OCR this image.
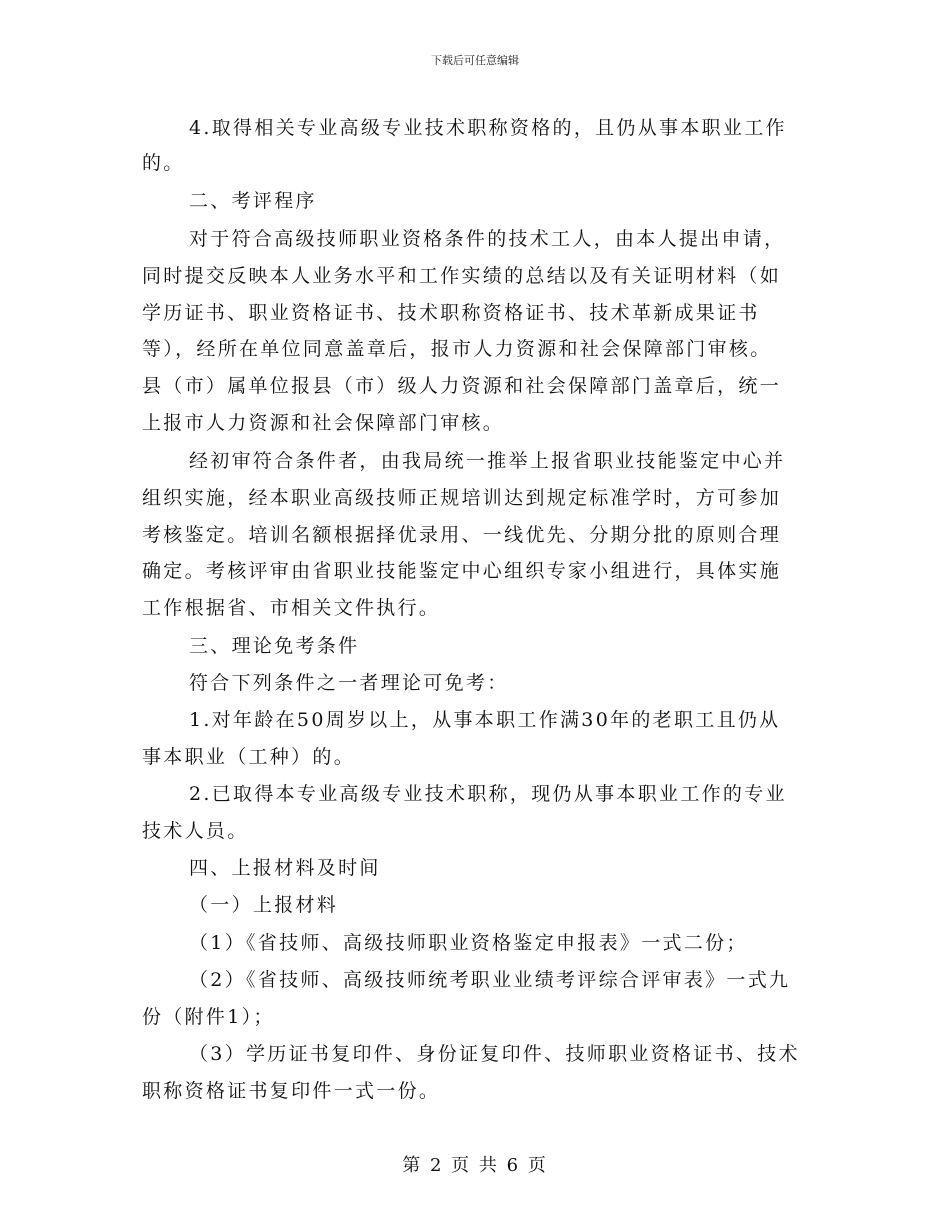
下载后可任意编辑
4.取得相关专业高级专业技术职称资格的，且仍从事本职业工作
的。
二、考评程序
对于符合高级技师职业资格条件的技术工人，由本人提出申请，
同时提交反映本人业务水平和工作实绩的总结以及有关证明材料（如
学历证书、职业资格证书、技术职称资格证书、技术革新成果证书
等），经所在单位同意盖章后，报市人力资源和社会保障部门审核。
县（市）属单位报县（市）级人力资源和社会保障部门盖章后，统一
上报市人力资源和社会保障部门审核。
经初审符合条件者，由我局统一推举上报省职业技能鉴定中心并
组织实施，经本职业高级技师正规培训达到规定标准学时，方可参加
考核鉴定。培训名额根据择优录用、一线优先、分期分批的原则合理
确定。考核评审由省职业技能鉴定中心组织专家小组进行，具体实施
工作根据省、市相关文件执行。
三、理论免考条件
符合下列条件之一者理论可免考：
1.对年龄在50周岁以上，从事本职工作满30年的老职工且仍从
事本职业（工种）的。
2.已取得本专业高级专业技术职称，现仍从事本职业工作的专业
技术人员。
四、上报材料及时间
（一）上报材料
（1）《省技师、高级技师职业资格鉴定申报表》一式二份；
（2）《省技师、高级技师统考职业业绩考评综合评审表》一式九
份（附件1）；
（3）学历证书复印件、身份证复印件、技师职业资格证书、技术
职称资格证书复印件一式一份。
第 2 页 共 6 页
